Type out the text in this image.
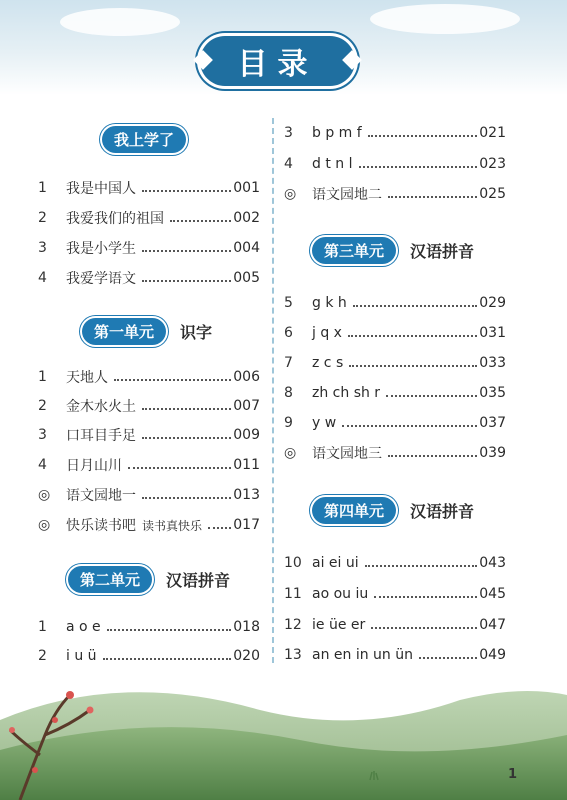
目录
我上学了
1	我是中国人	001
2	我爱我们的祖国	002
3	我是小学生	004
4	我爱学语文	005
第一单元	识字
1	天地人	006
2	金木水火土	007
3	口耳目手足	009
4	日月山川	011
◎	语文园地一	013
◎	快乐读书吧 读书真快乐 017
第二单元	汉语拼音
1	a o e	018
2	i u ü	020
3	b p m f	021
4	d t n l	023
◎	语文园地二	025
第三单元	汉语拼音
5	g k h	029
6	j q x	031
7	z c s	033
8	zh ch sh r	035
9	y w	037
◎	语文园地三	039
第四单元	汉语拼音
10 ai ei ui	043
11 ao ou iu	045
12 ie üe er	047
13 an en in un ün	049
1
